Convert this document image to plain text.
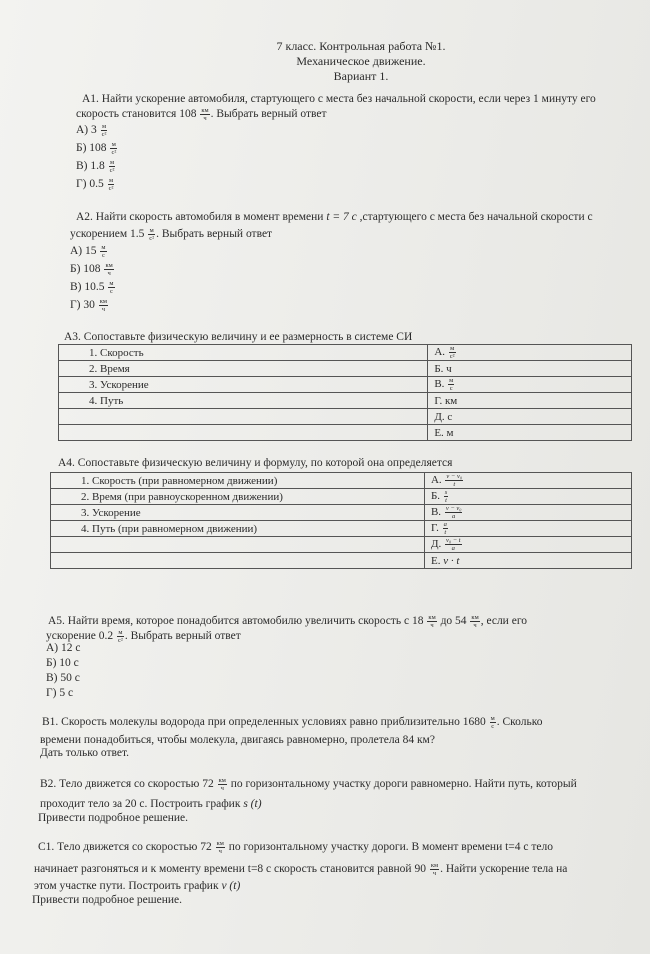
7 класс. Контрольная работа №1.
Механическое движение.
Вариант 1.
А1. Найти ускорение автомобиля, стартующего с места без начальной скорости, если через 1 минуту его
скорость становится $108 \frac{км}{ч}$ . Выбрать верный ответ
А) $3 \frac{м}{\text{с²}}$
Б) $108 \frac{м}{\text{с²}}$
В) $1.8 \frac{м}{\text{с²}}$
Г) $0.5 \frac{м}{\text{с²}}$
А2. Найти скорость автомобиля в момент времени t = 7 c ,стартующего с места без начальной скорости с
ускорением $1.5 \frac{м}{\text{с²}}$ . Выбрать верный ответ
А) $15 \frac{м}{с}$
Б) $108 \frac{км}{ч}$
В) $10.5 \frac{м}{с}$
Г) $30 \frac{км}{ч}$
А3. Сопоставьте физическую величину и ее размерность в системе СИ
1. Скорость	А. $\frac{м}{\text{с²}}$

2. Время	Б. ч
3. Ускорение	В. $\frac{м}{с}$

4. Путь	Г. км
	Д. с
	Е. м
А4. Сопоставьте физическую величину и формулу, по которой она определяется
1. Скорость (при равномерном движении)	А. $\frac{\text{v − v₀}}{t}$

2. Время (при равноускоренном движении)	Б. $\frac{s}{t}$

3. Ускорение	В. $\frac{\text{v − v₀}}{a}$

4. Путь (при равномерном движении)	Г. $\frac{a}{t}$

	Д. $\frac{\text{v₀ − t}}{a}$

	Е. v · t
А5. Найти время, которое понадобится автомобилю увеличить скорость с $18 \frac{км}{ч}$ до $54 \frac{км}{ч}$ , если его
ускорение $0.2 \frac{м}{\text{с²}}$ . Выбрать верный ответ
А) 12 с
Б) 10 с
В) 50 с
Г) 5 с
В1. Скорость молекулы водорода при определенных условиях равно приблизительно $1680 \frac{м}{с}$ . Сколько
времени понадобиться, чтобы молекула, двигаясь равномерно, пролетела 84 км?
Дать только ответ.
В2. Тело движется со скоростью $72 \frac{км}{ч}$ по горизонтальному участку дороги равномерно. Найти путь, который
проходит тело за 20 с. Построить график s (t)
Привести подробное решение.
С1. Тело движется со скоростью $72 \frac{км}{ч}$ по горизонтальному участку дороги. В момент времени t=4 с тело
начинает разгоняться и к моменту времени t=8 с скорость становится равной $90 \frac{км}{ч}$ . Найти ускорение тела на
этом участке пути. Построить график v (t)
Привести подробное решение.
